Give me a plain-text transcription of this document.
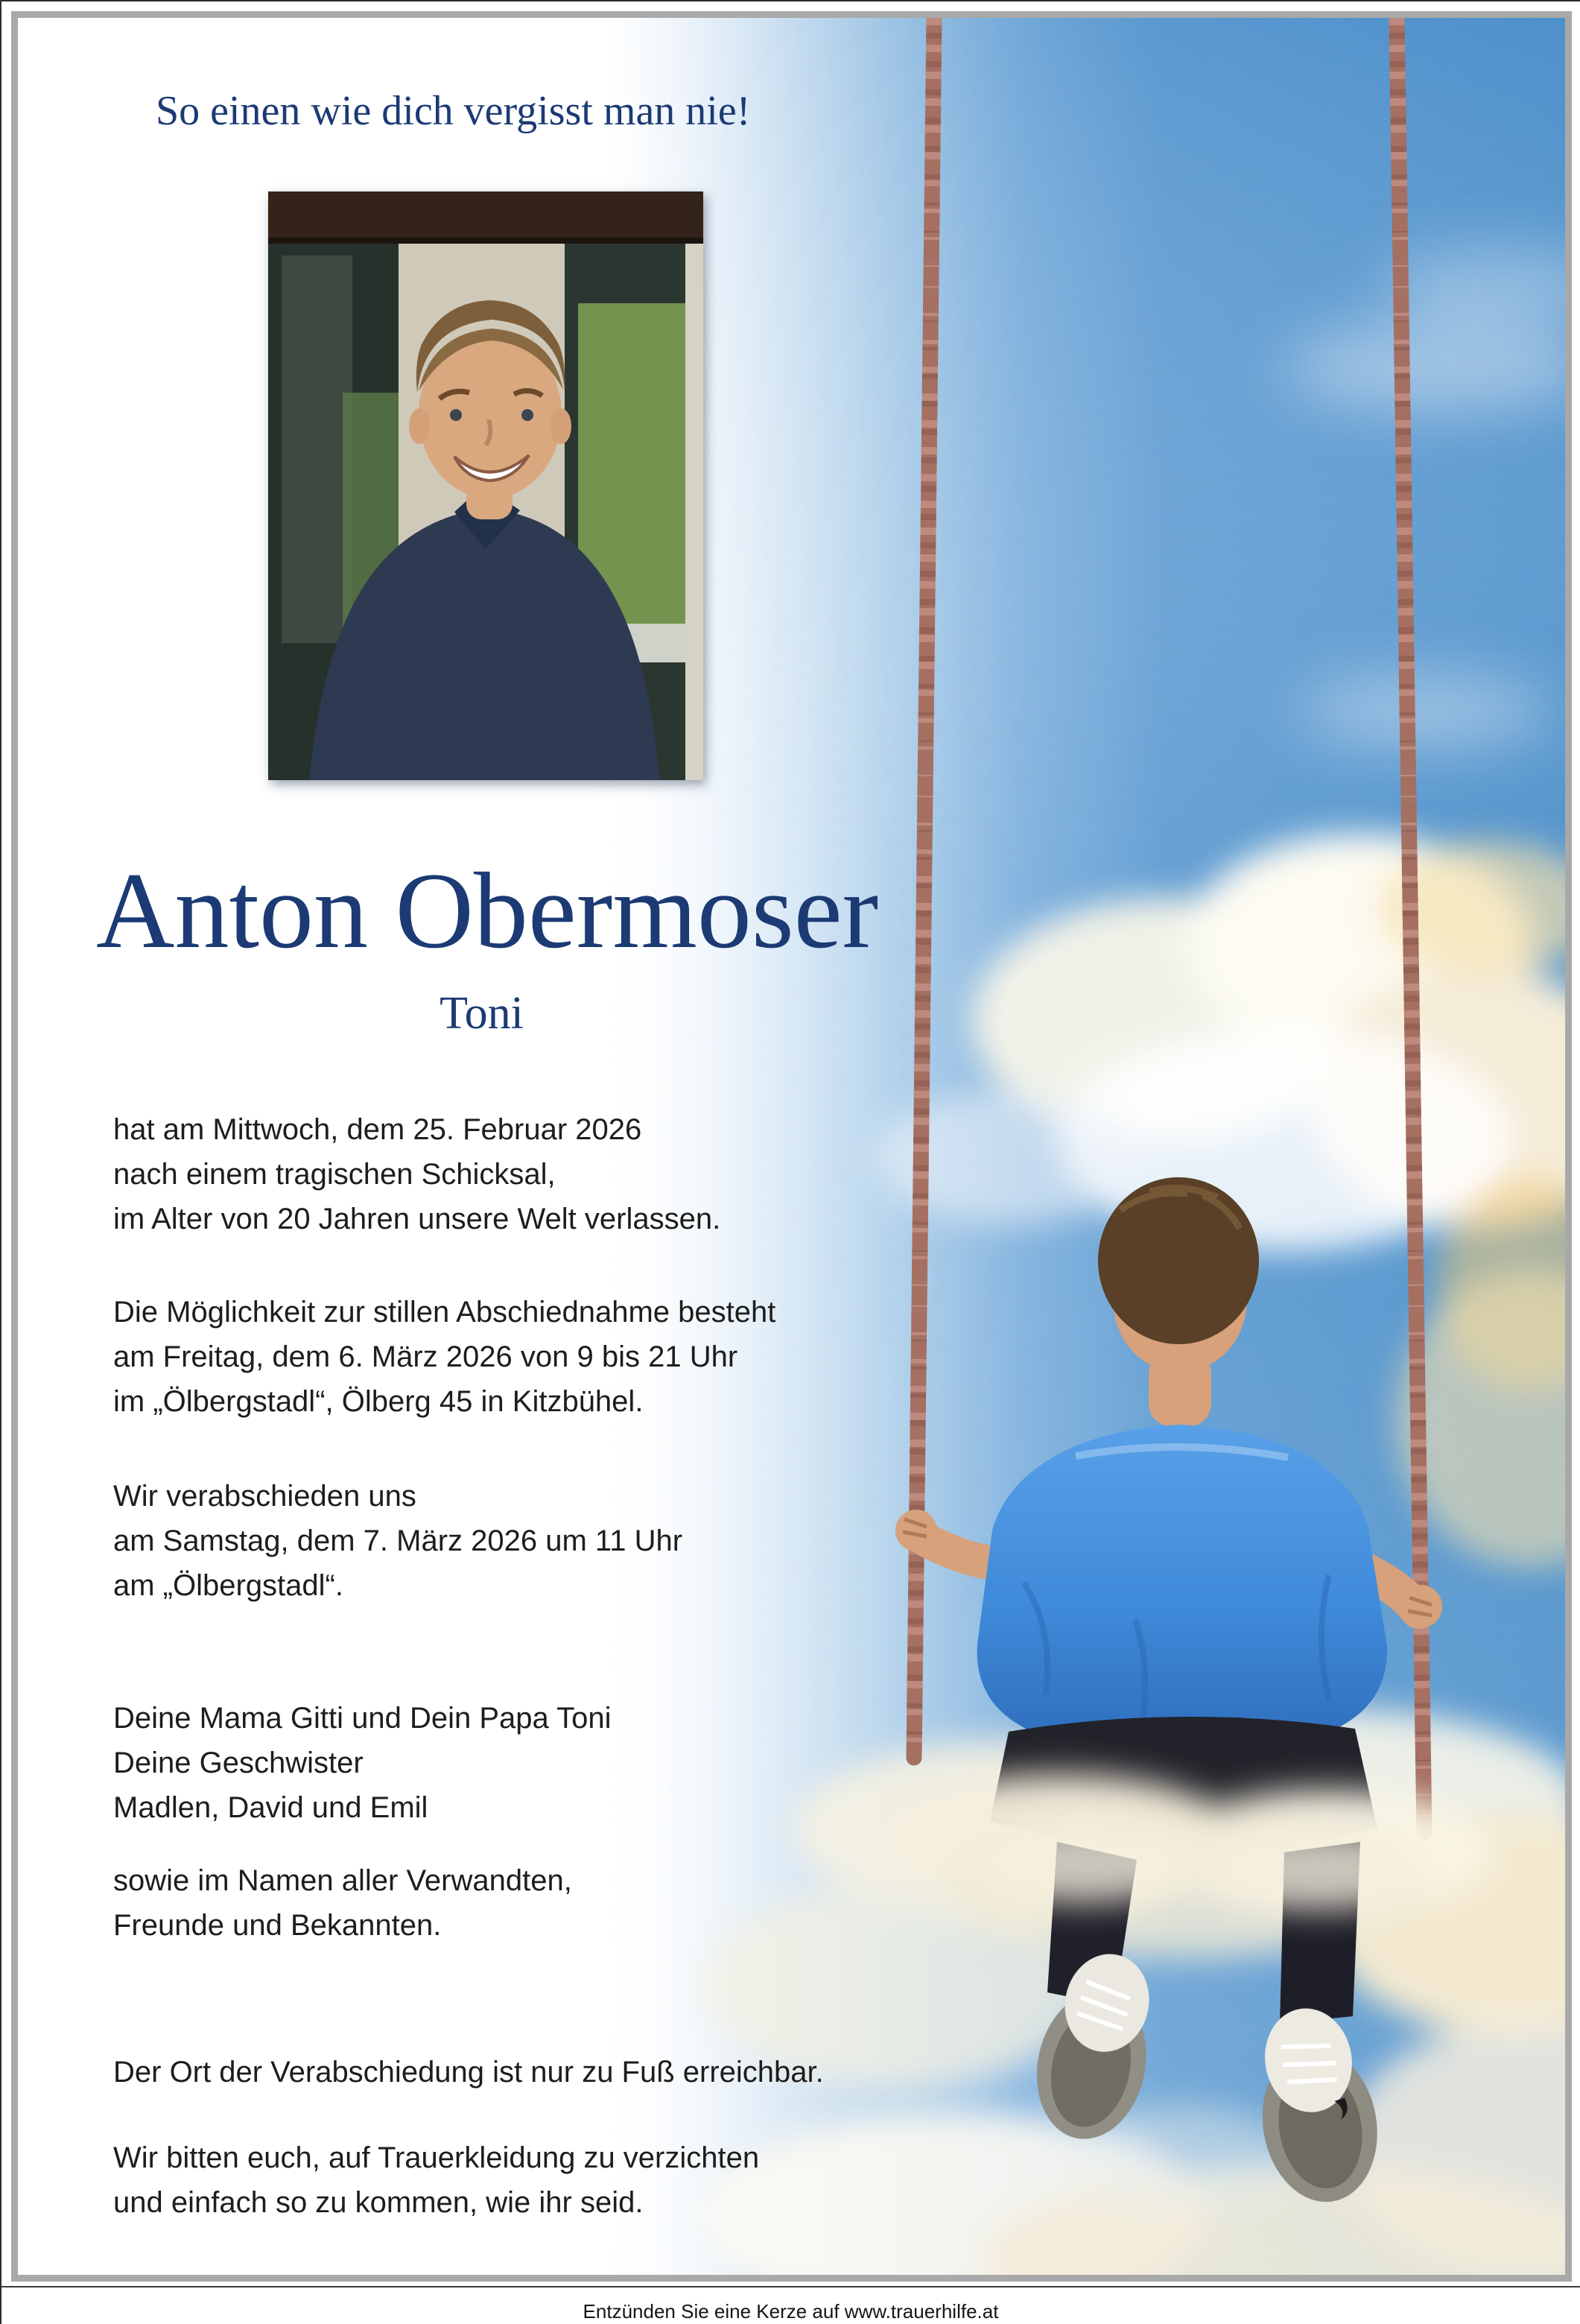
So einen wie dich vergisst man nie!
Anton Obermoser
Toni
hat am Mittwoch, dem 25. Februar 2026
nach einem tragischen Schicksal,
im Alter von 20 Jahren unsere Welt verlassen.
Die Möglichkeit zur stillen Abschiednahme besteht
am Freitag, dem 6. März 2026 von 9 bis 21 Uhr
im „Ölbergstadl“, Ölberg 45 in Kitzbühel.
Wir verabschieden uns
am Samstag, dem 7. März 2026 um 11 Uhr
am „Ölbergstadl“.
Deine Mama Gitti und Dein Papa Toni
Deine Geschwister
Madlen, David und Emil
sowie im Namen aller Verwandten,
Freunde und Bekannten.
Der Ort der Verabschiedung ist nur zu Fuß erreichbar.
Wir bitten euch, auf Trauerkleidung zu verzichten
und einfach so zu kommen, wie ihr seid.
Entzünden Sie eine Kerze auf www.trauerhilfe.at
